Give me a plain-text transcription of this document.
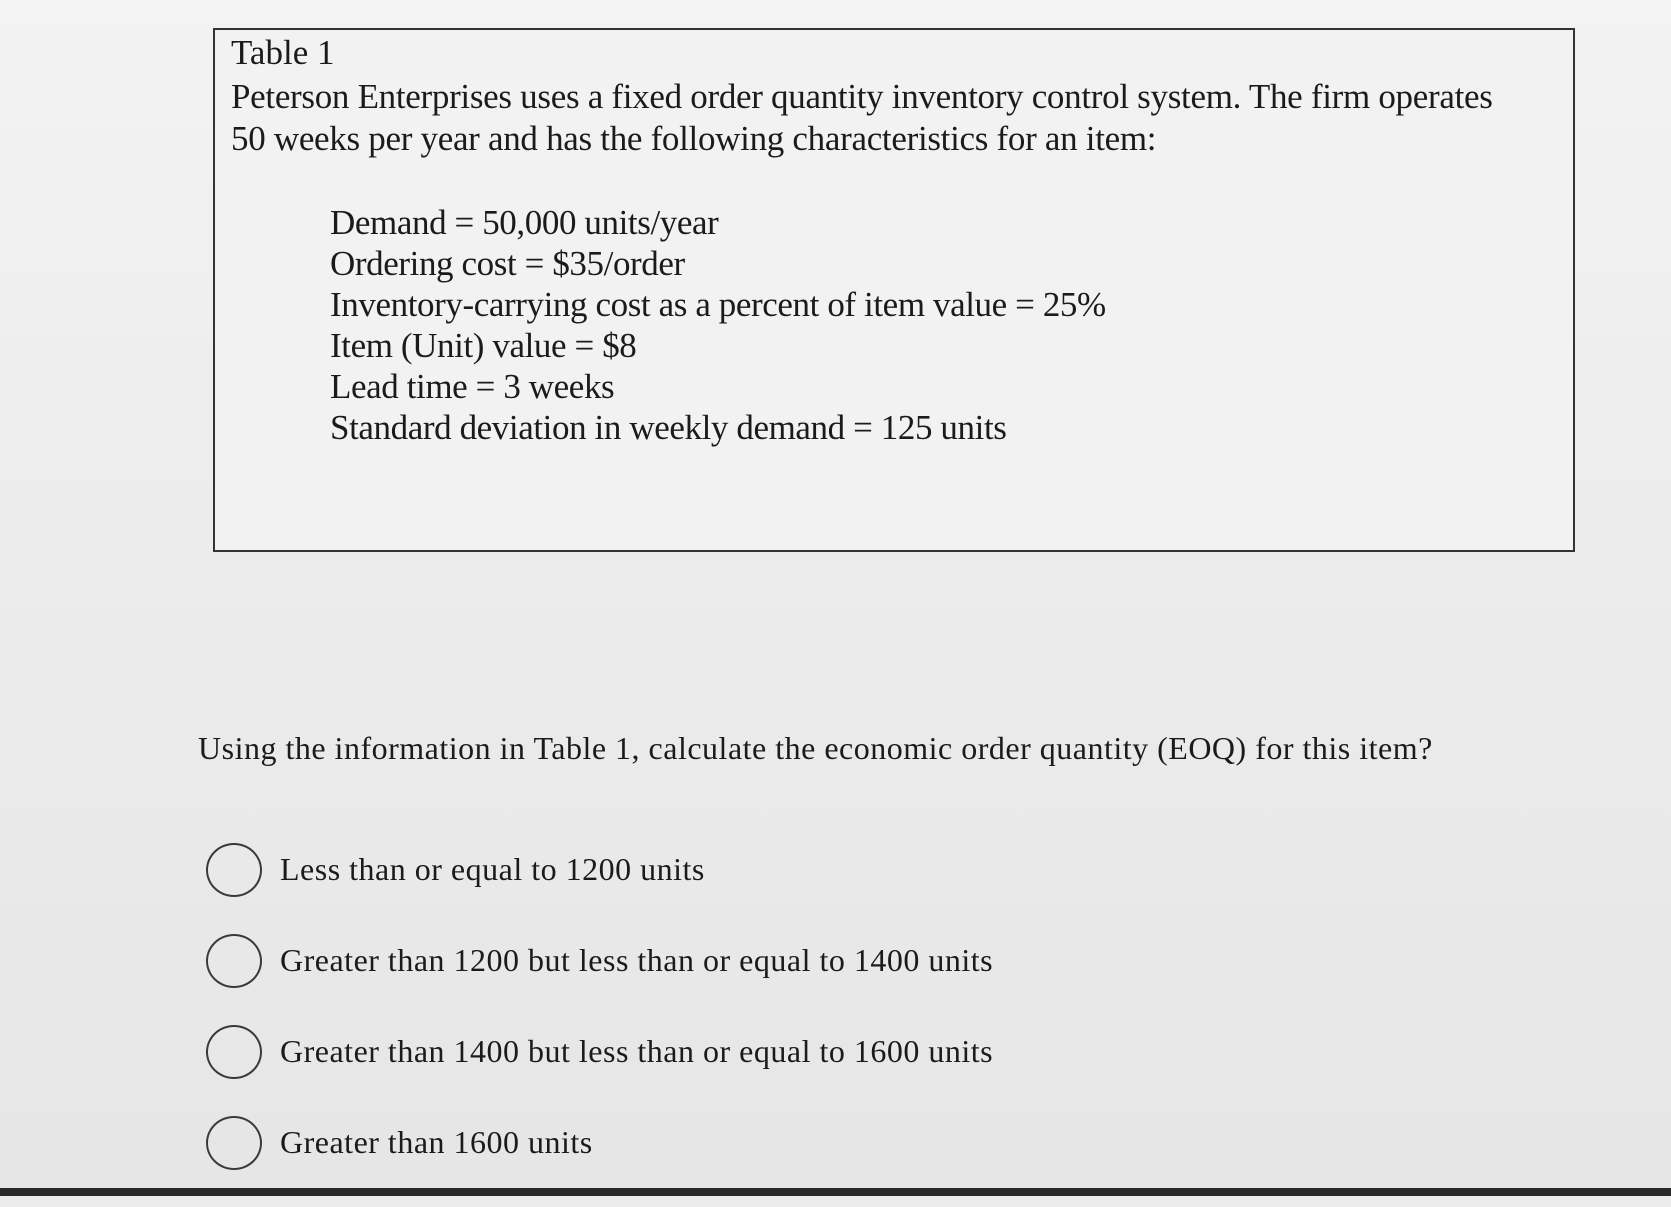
Table 1
Peterson Enterprises uses a fixed order quantity inventory control system. The firm operates 50 weeks per year and has the following characteristics for an item:
Demand = 50,000 units/year
Ordering cost = $35/order
Inventory-carrying cost as a percent of item value = 25%
Item (Unit) value = $8
Lead time = 3 weeks
Standard deviation in weekly demand = 125 units
Using the information in Table 1, calculate the economic order quantity (EOQ) for this item?
Less than or equal to 1200 units
Greater than 1200 but less than or equal to 1400 units
Greater than 1400 but less than or equal to 1600 units
Greater than 1600 units
